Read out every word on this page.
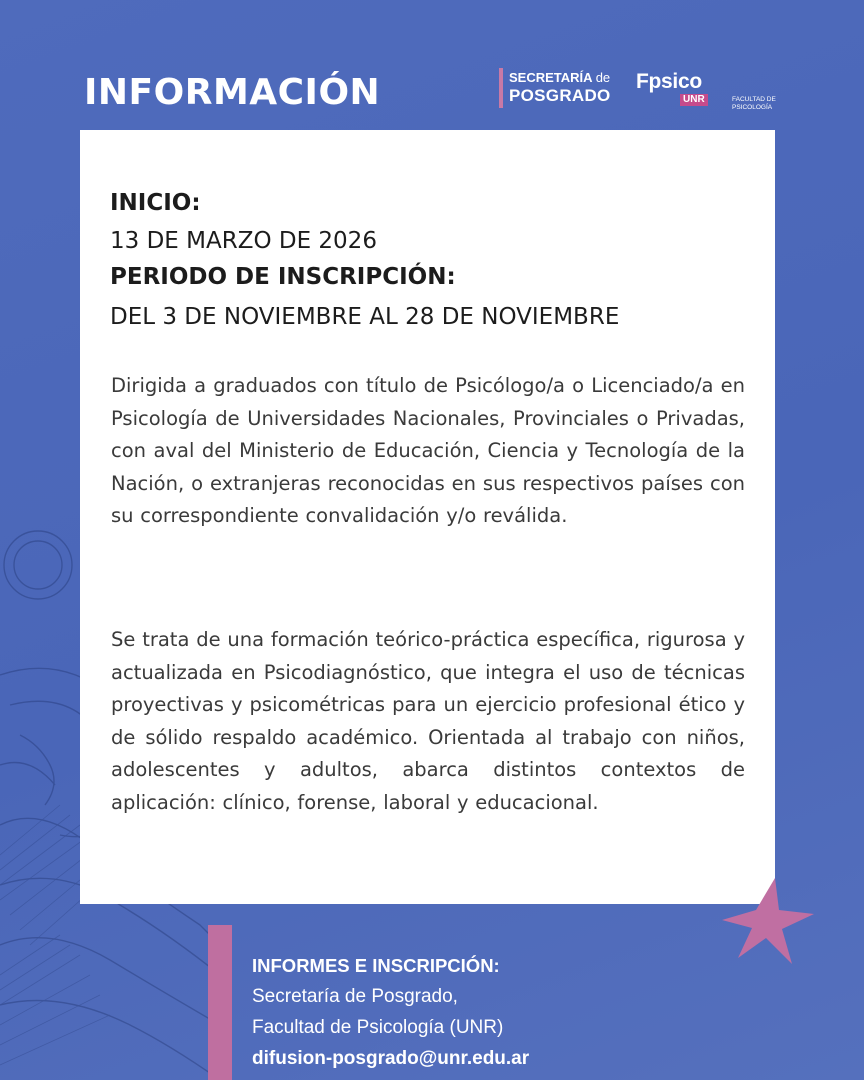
INFORMACIÓN	SECRETARÍA de
POSGRADO
Fpsico
UNR	FACULTAD DE
PSICOLOGÍA

INICIO:

13 DE MARZO DE 2026

PERIODO DE INSCRIPCIÓN:

DEL 3 DE NOVIEMBRE AL 28 DE NOVIEMBRE

Dirigida a graduados con título de Psicólogo/a o Licenciado/a en Psicología de Universidades Nacionales, Provinciales o Privadas, con aval del Ministerio de Educación, Ciencia y Tecnología de la Nación, o extranjeras reconocidas en sus respectivos países con su correspondiente convalidación y/o reválida.

Se trata de una formación teórico-práctica específica, rigurosa y actualizada en Psicodiagnóstico, que integra el uso de técnicas proyectivas y psicométricas para un ejercicio profesional ético y de sólido respaldo académico. Orientada al trabajo con niños, adolescentes y adultos, abarca distintos contextos de aplicación: clínico, forense, laboral y educacional.

INFORMES E INSCRIPCIÓN:
Secretaría de Posgrado,
Facultad de Psicología (UNR)
difusion-posgrado@unr.edu.ar
